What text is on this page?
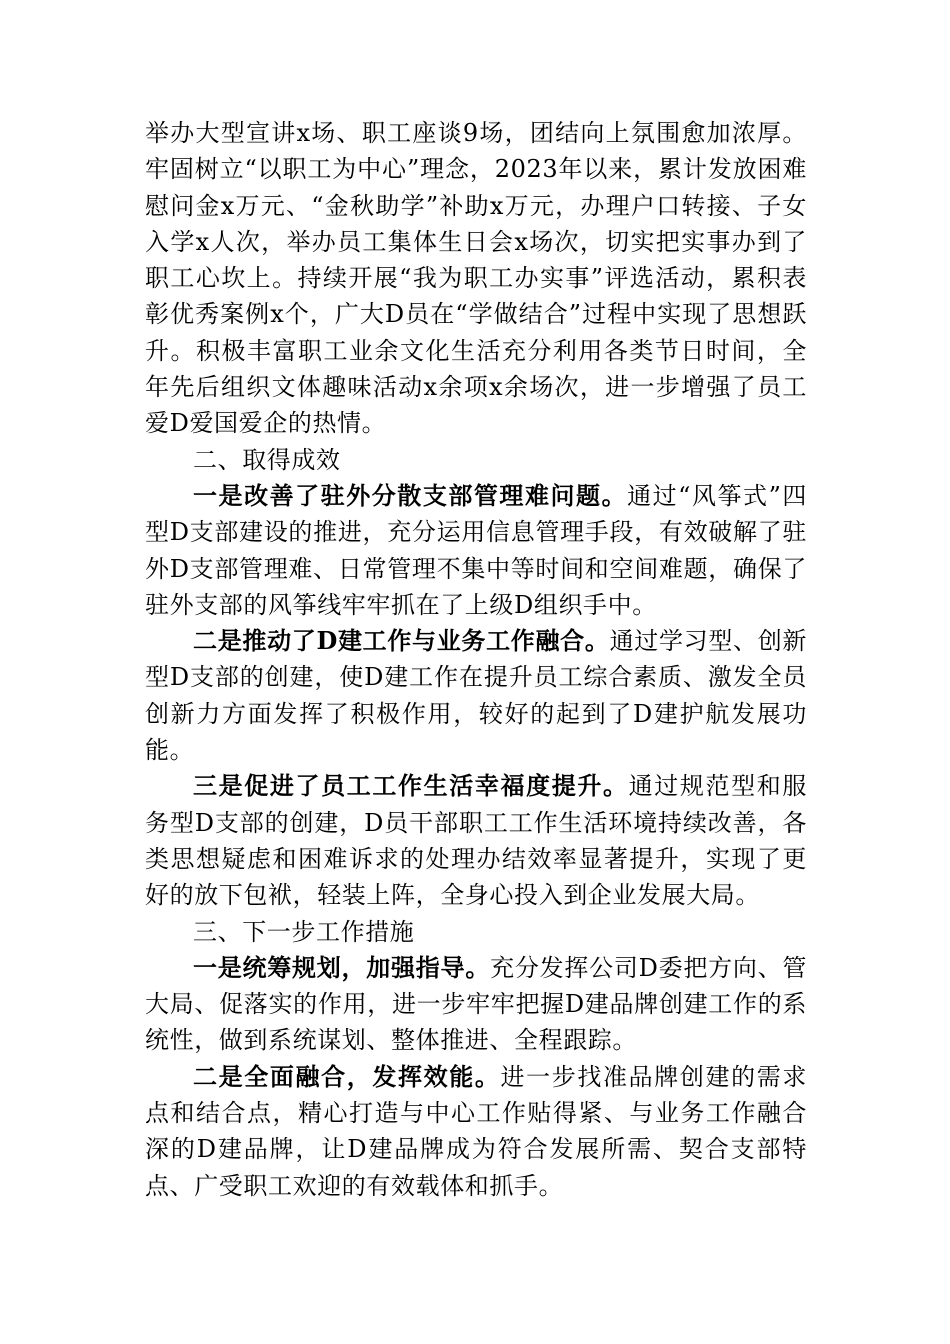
举办大型宣讲x场、职工座谈9场，团结向上氛围愈加浓厚。牢固树立“以职工为中心”理念，2023年以来，累计发放困难慰问金x万元、“金秋助学”补助x万元，办理户口转接、子女入学x人次，举办员工集体生日会x场次，切实把实事办到了职工心坎上。持续开展“我为职工办实事”评选活动，累积表彰优秀案例x个，广大D员在“学做结合”过程中实现了思想跃升。积极丰富职工业余文化生活充分利用各类节日时间，全年先后组织文体趣味活动x余项x余场次，进一步增强了员工爱D爱国爱企的热情。

二、取得成效

一是改善了驻外分散支部管理难问题。通过“风筝式”四型D支部建设的推进，充分运用信息管理手段，有效破解了驻外D支部管理难、日常管理不集中等时间和空间难题，确保了驻外支部的风筝线牢牢抓在了上级D组织手中。

二是推动了D建工作与业务工作融合。通过学习型、创新型D支部的创建，使D建工作在提升员工综合素质、激发全员创新力方面发挥了积极作用，较好的起到了D建护航发展功能。

三是促进了员工工作生活幸福度提升。通过规范型和服务型D支部的创建，D员干部职工工作生活环境持续改善，各类思想疑虑和困难诉求的处理办结效率显著提升，实现了更好的放下包袱，轻装上阵，全身心投入到企业发展大局。

三、下一步工作措施

一是统筹规划，加强指导。充分发挥公司D委把方向、管大局、促落实的作用，进一步牢牢把握D建品牌创建工作的系统性，做到系统谋划、整体推进、全程跟踪。

二是全面融合，发挥效能。进一步找准品牌创建的需求点和结合点，精心打造与中心工作贴得紧、与业务工作融合深的D建品牌，让D建品牌成为符合发展所需、契合支部特点、广受职工欢迎的有效载体和抓手。
